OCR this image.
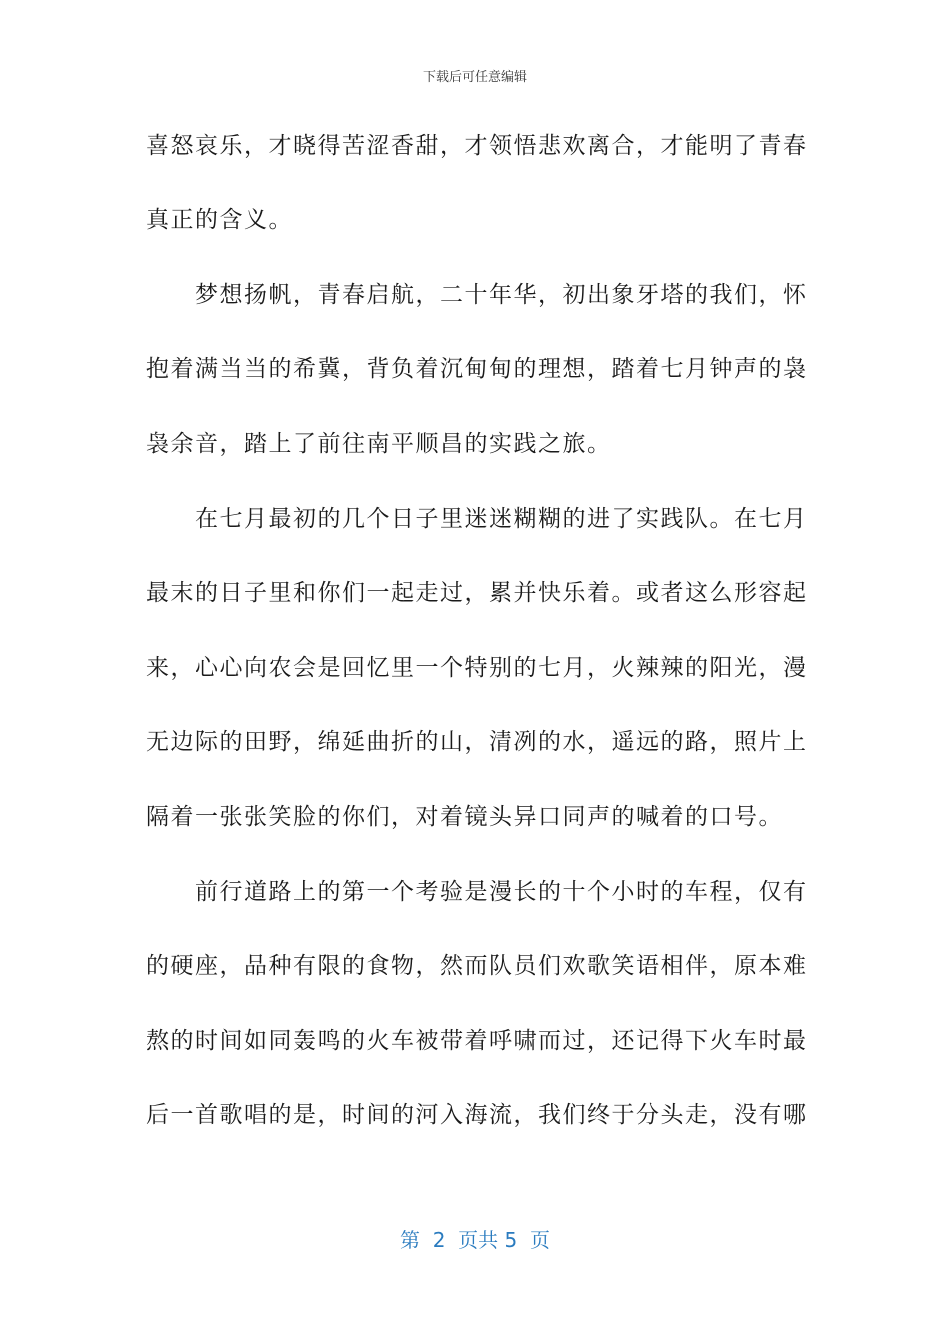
下载后可任意编辑
喜怒哀乐，才晓得苦涩香甜，才领悟悲欢离合，才能明了青春
真正的含义。
　　梦想扬帆，青春启航，二十年华，初出象牙塔的我们，怀
抱着满当当的希冀，背负着沉甸甸的理想，踏着七月钟声的袅
袅余音，踏上了前往南平顺昌的实践之旅。
　　在七月最初的几个日子里迷迷糊糊的进了实践队。在七月
最末的日子里和你们一起走过，累并快乐着。或者这么形容起
来，心心向农会是回忆里一个特别的七月，火辣辣的阳光，漫
无边际的田野，绵延曲折的山，清冽的水，遥远的路，照片上
隔着一张张笑脸的你们，对着镜头异口同声的喊着的口号。
　　前行道路上的第一个考验是漫长的十个小时的车程，仅有
的硬座，品种有限的食物，然而队员们欢歌笑语相伴，原本难
熬的时间如同轰鸣的火车被带着呼啸而过，还记得下火车时最
后一首歌唱的是，时间的河入海流，我们终于分头走，没有哪
第  2  页共 5  页
